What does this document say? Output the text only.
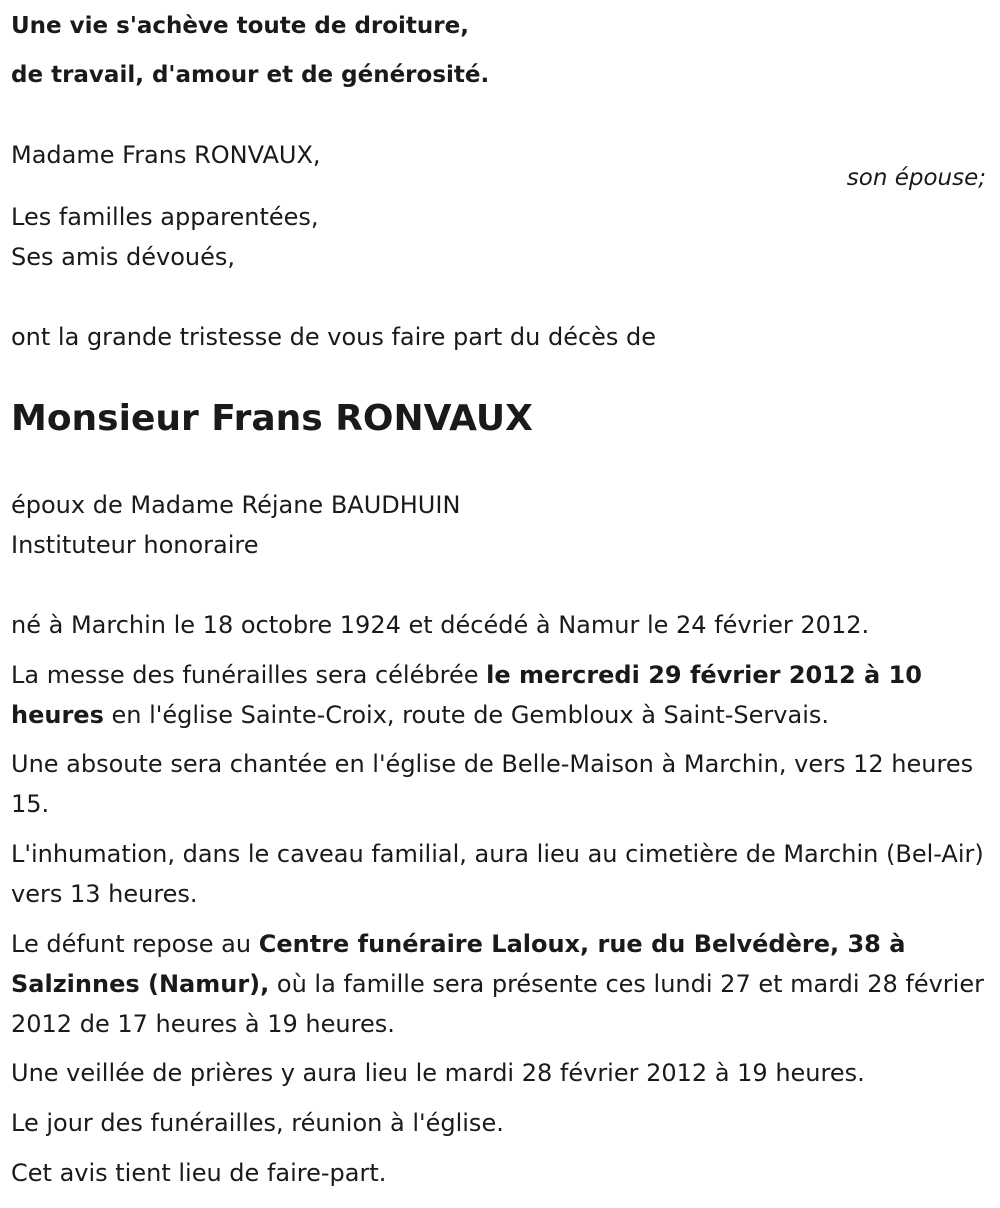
Une vie s'achève toute de droiture,
de travail, d'amour et de générosité.
Madame Frans RONVAUX,
son épouse;
Les familles apparentées,
Ses amis dévoués,
ont la grande tristesse de vous faire part du décès de
Monsieur Frans RONVAUX
époux de Madame Réjane BAUDHUIN
Instituteur honoraire
né à Marchin le 18 octobre 1924 et décédé à Namur le 24 février 2012.
La messe des funérailles sera célébrée le mercredi 29 février 2012 à 10 heures en l'église Sainte-Croix, route de Gembloux à Saint-Servais.
Une absoute sera chantée en l'église de Belle-Maison à Marchin, vers 12 heures 15.
L'inhumation, dans le caveau familial, aura lieu au cimetière de Marchin (Bel-Air) vers 13 heures.
Le défunt repose au Centre funéraire Laloux, rue du Belvédère, 38 à Salzinnes (Namur), où la famille sera présente ces lundi 27 et mardi 28 février 2012 de 17 heures à 19 heures.
Une veillée de prières y aura lieu le mardi 28 février 2012 à 19 heures.
Le jour des funérailles, réunion à l'église.
Cet avis tient lieu de faire-part.
